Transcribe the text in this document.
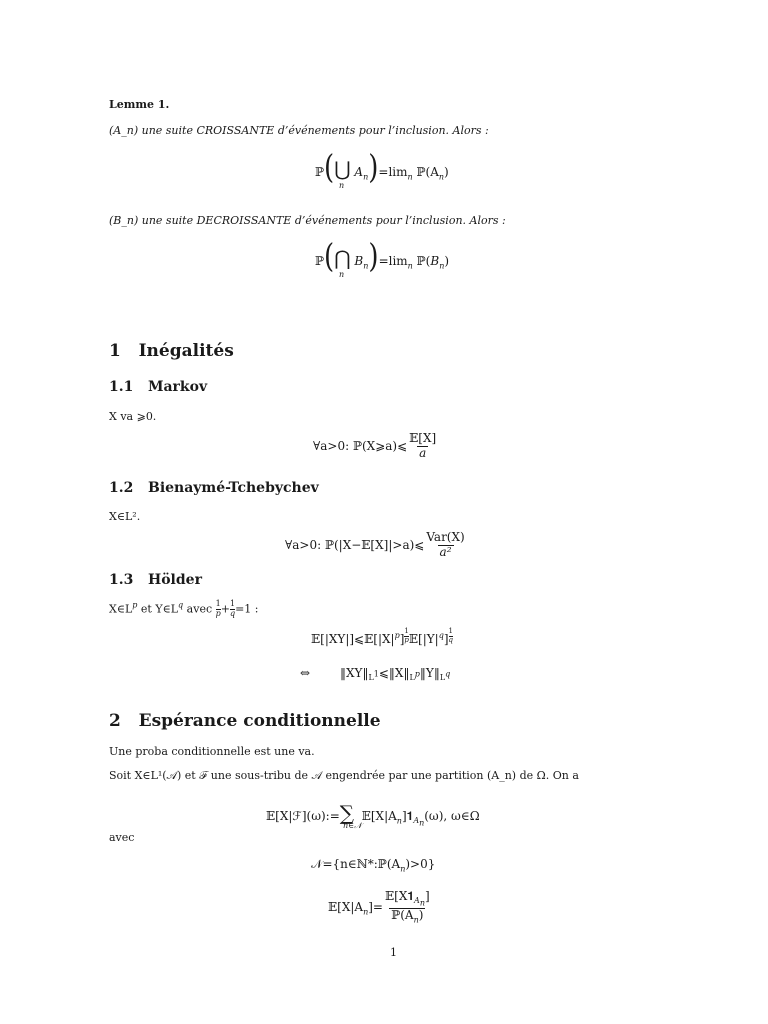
Lemme 1.
(A_n) une suite CROISSANTE d’événements pour l’inclusion. Alors :
ℙ(⋃ $A_n)=\lim_n$ $ℙ(A_n)$
n
(B_n) une suite DECROISSANTE d’événements pour l’inclusion. Alors :
ℙ(⋂ $B_n)=\lim_n$ $ℙ(B_n)$
n
1 Inégalités
1.1 Markov
X va ⩾0.
∀a>0: ℙ(X⩾a)⩽ $\frac{\text{𝔼[X]}}{a}$
1.2 Bienaymé-Tchebychev
X∈L².
∀a>0: ℙ(|X−𝔼[X]|>a)⩽ $\frac{\text{Var(X)}}{\text{a²}}$
1.3 Hölder
$X\in L^p$ et $Y\in L^q$ avec $\frac{1}{p} + \frac{1}{q} =1$ :
$𝔼[|XY|]⩽𝔼[|X|^p]$ $^{\frac{1}{p}}$ $𝔼[|Y|^q]$ $^{\frac{1}{q}}$
⇔ $‖XY‖_{L^1}⩽‖X‖_{L^p}‖Y‖_{L^q}$
2 Espérance conditionnelle
Une proba conditionnelle est une va.
Soit X∈L¹(𝒜) et ℱ une sous-tribu de 𝒜 engendrée par une partition (A_n) de Ω. On a
𝔼[X|ℱ](ω):=∑ $𝔼[X|A_n]𝟏_{A_n}(\omega)$, ω∈Ω
n∈𝒩
avec
$𝒩=\{n\in ℕ*:ℙ(A_n)>0\}$
$𝔼[X|A_n]= \frac{𝔼[X𝟏_{A_n}]}{ℙ(A_n)}$
1
